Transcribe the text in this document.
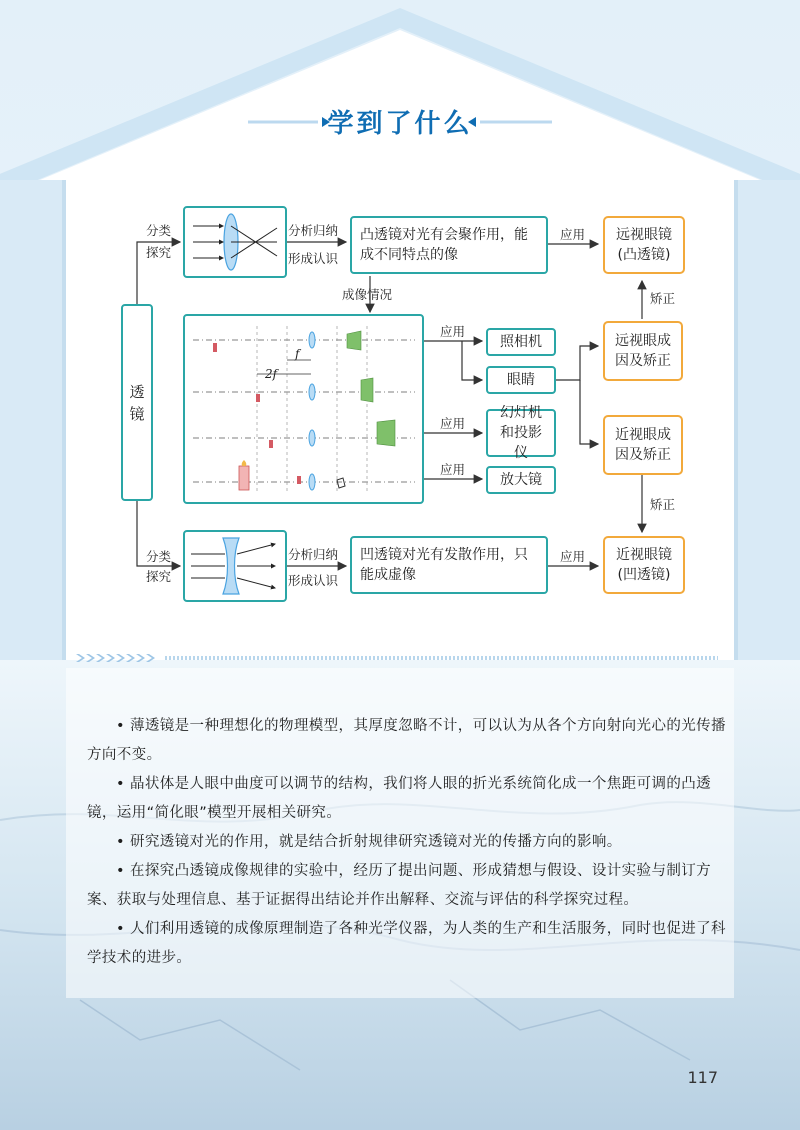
学到了什么
透镜
分类
探究
分析归纳
形成认识
凸透镜对光有会聚作用，能成不同特点的像
应用 远视眼镜(凸透镜)
成像情况
f
2f
应用
照相机
眼睛
应用
幻灯机和投影仪
应用
放大镜
远视眼成因及矫正
近视眼成因及矫正
矫正
矫正
分类
探究
分析归纳
形成认识
凹透镜对光有发散作用，只能成虚像
应用 近视眼镜(凹透镜)
• 薄透镜是一种理想化的物理模型，其厚度忽略不计，可以认为从各个方向射向光心的光传播方向不变。
• 晶状体是人眼中曲度可以调节的结构，我们将人眼的折光系统简化成一个焦距可调的凸透镜，运用“简化眼”模型开展相关研究。
• 研究透镜对光的作用，就是结合折射规律研究透镜对光的传播方向的影响。
• 在探究凸透镜成像规律的实验中，经历了提出问题、形成猜想与假设、设计实验与制订方案、获取与处理信息、基于证据得出结论并作出解释、交流与评估的科学探究过程。
• 人们利用透镜的成像原理制造了各种光学仪器，为人类的生产和生活服务，同时也促进了科学技术的进步。
117
